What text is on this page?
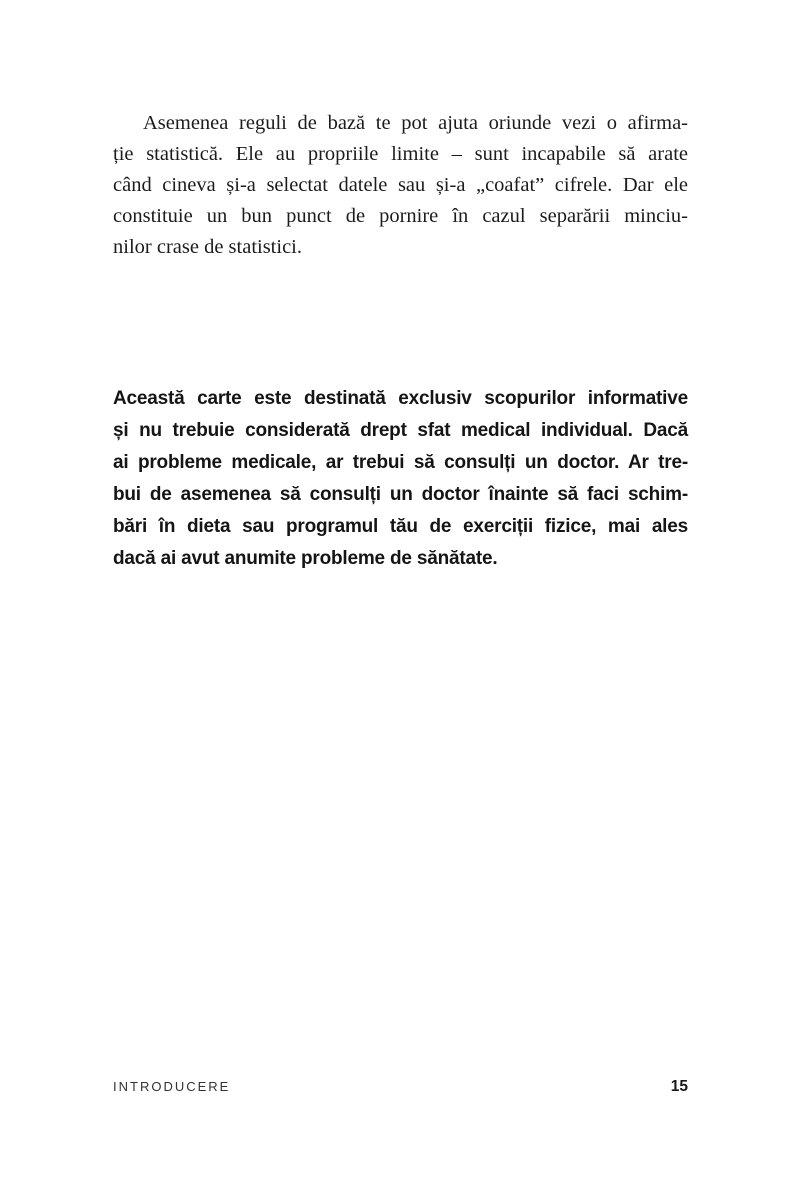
Asemenea reguli de bază te pot ajuta oriunde vezi o afirma-
ție statistică. Ele au propriile limite – sunt incapabile să arate
când cineva și-a selectat datele sau și-a „coafat” cifrele. Dar ele
constituie un bun punct de pornire în cazul separării minciu-
nilor crase de statistici.
Această carte este destinată exclusiv scopurilor informative
și nu trebuie considerată drept sfat medical individual. Dacă
ai probleme medicale, ar trebui să consulți un doctor. Ar tre-
bui de asemenea să consulți un doctor înainte să faci schim-
bări în dieta sau programul tău de exerciții fizice, mai ales
dacă ai avut anumite probleme de sănătate.
INTRODUCERE	15
